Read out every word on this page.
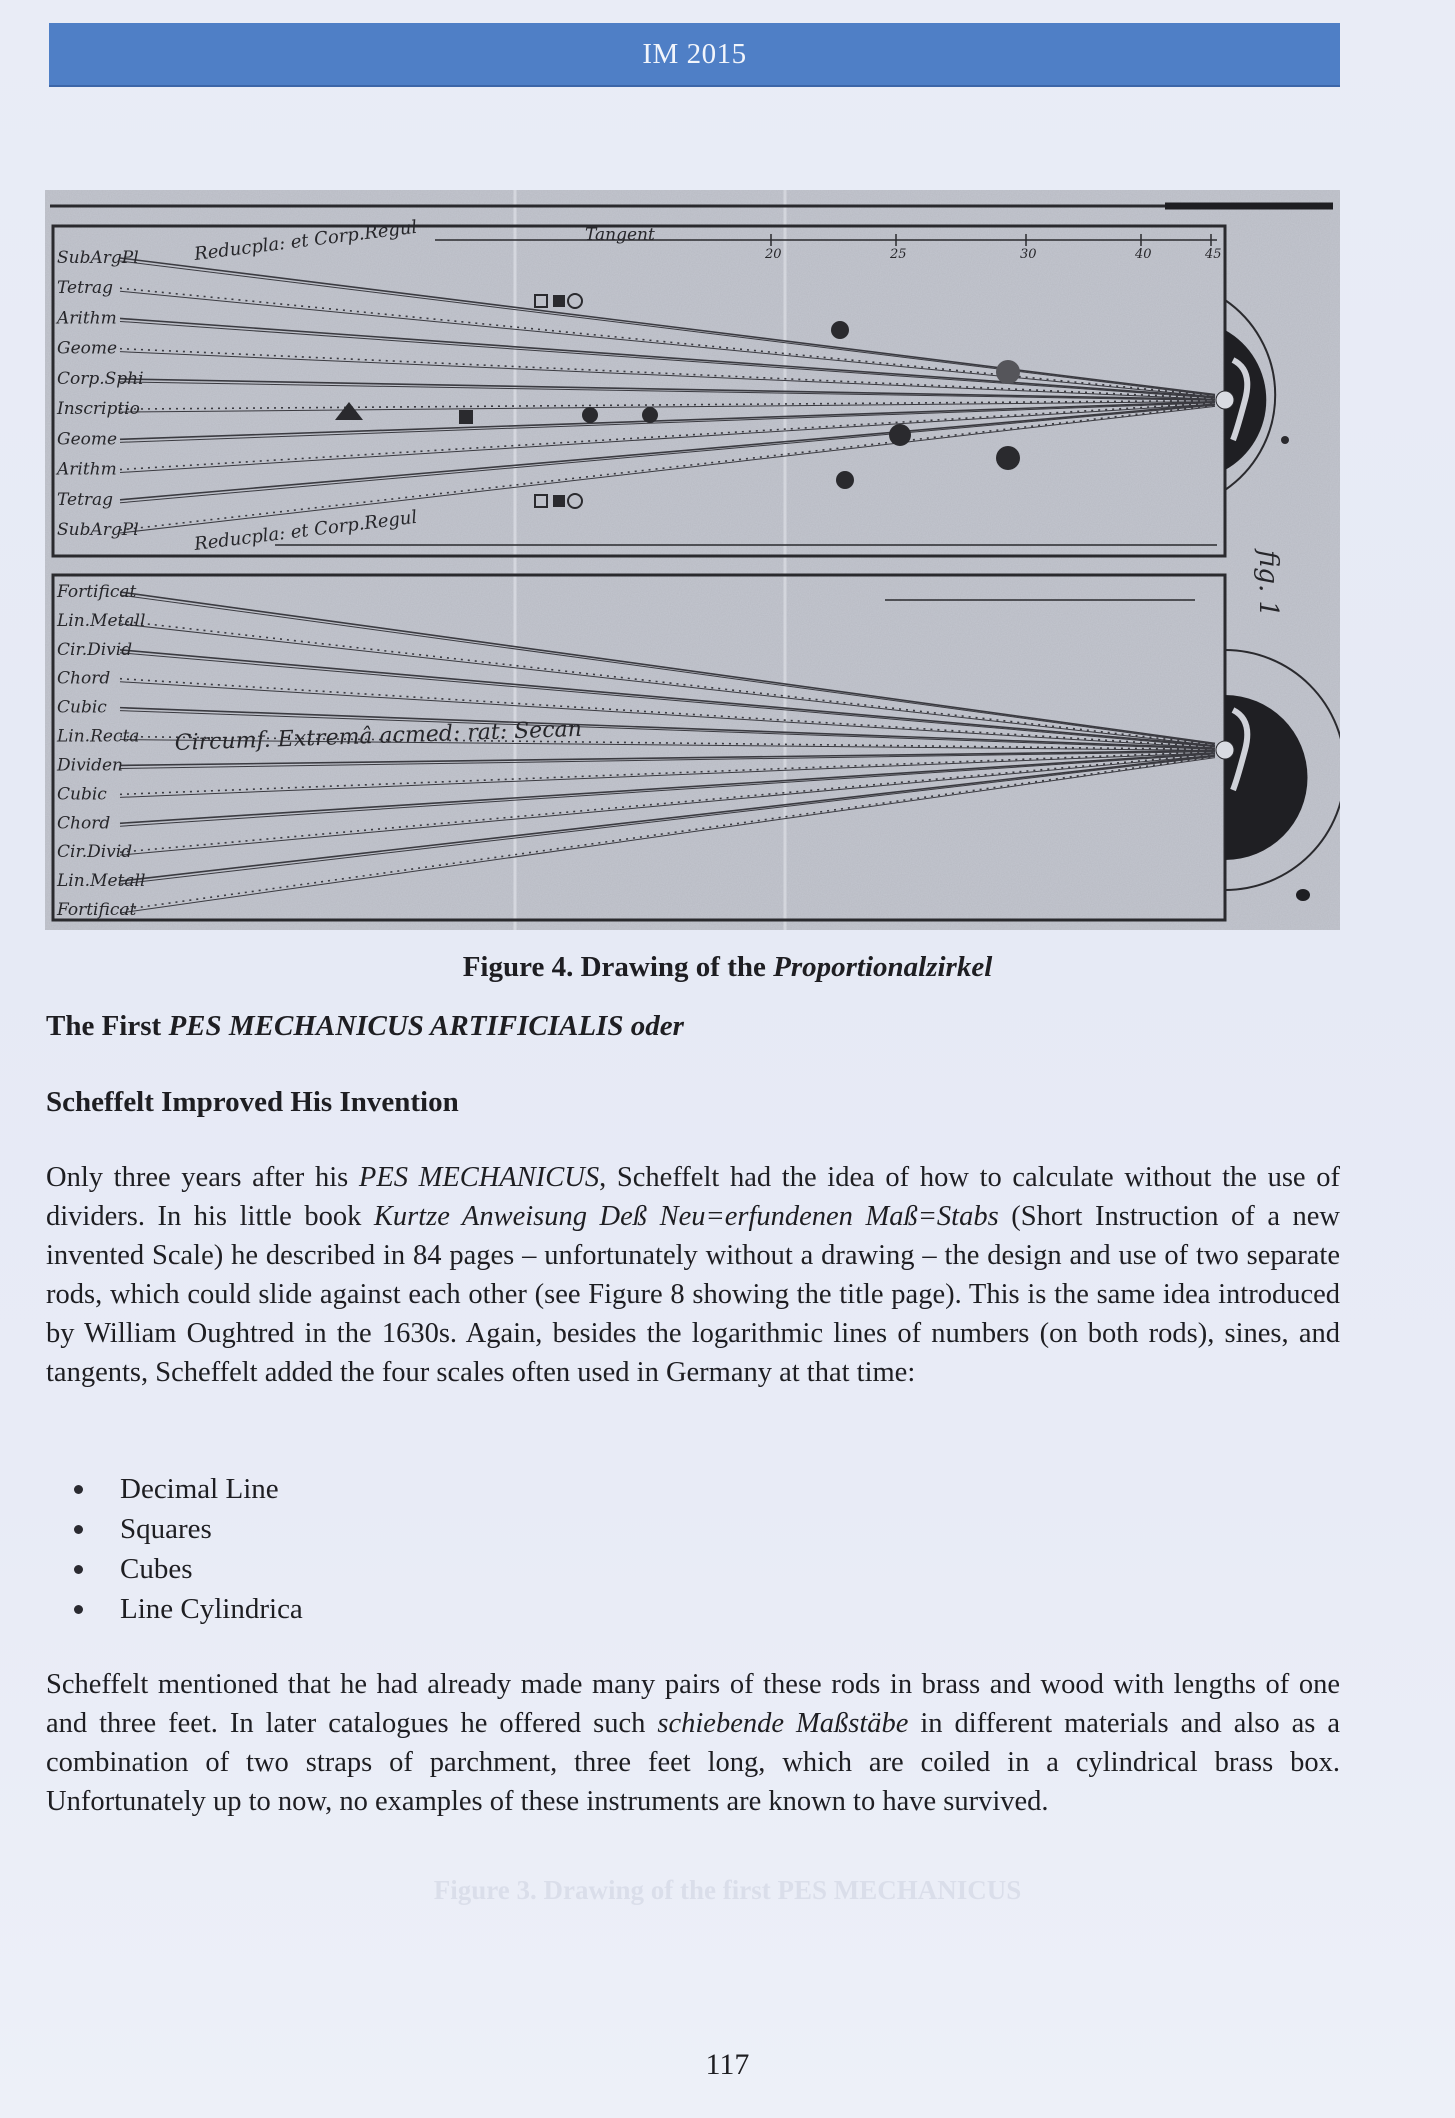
IM 2015
SubArgPl
Tetrag
Arithm
Geome
Corp.Sphi
Inscriptio
Geome
Arithm
Tetrag
SubArgPl
Fortificat
Lin.Metall
Cir.Divid
Chord
Cubic
Lin.Recta
Dividen
Cubic
Chord
Cir.Divid
Lin.Metall
Fortificat
Reducpla: et Corp.Regul
Reducpla: et Corp.Regul
Tangent
20	25	30	40	45
Circumf. Extremâ acmed: rat: Secan
fig. 1
Figure 4. Drawing of the Proportionalzirkel
The First PES MECHANICUS ARTIFICIALIS oder
Scheffelt Improved His Invention
Only three years after his PES MECHANICUS, Scheffelt had the idea of how to calculate without the use of dividers. In his little book Kurtze Anweisung Deß Neu=erfundenen Maß=Stabs (Short Instruction of a new invented Scale) he described in 84 pages – unfortunately without a drawing – the design and use of two separate rods, which could slide against each other (see Figure 8 showing the title page). This is the same idea introduced by William Oughtred in the 1630s. Again, besides the logarithmic lines of numbers (on both rods), sines, and tangents, Scheffelt added the four scales often used in Germany at that time:
Decimal Line
Squares
Cubes
Line Cylindrica
Scheffelt mentioned that he had already made many pairs of these rods in brass and wood with lengths of one and three feet. In later catalogues he offered such schiebende Maßstäbe in different materials and also as a combination of two straps of parchment, three feet long, which are coiled in a cylindrical brass box. Unfortunately up to now, no examples of these instruments are known to have survived.
Figure 3. Drawing of the first PES MECHANICUS
117
